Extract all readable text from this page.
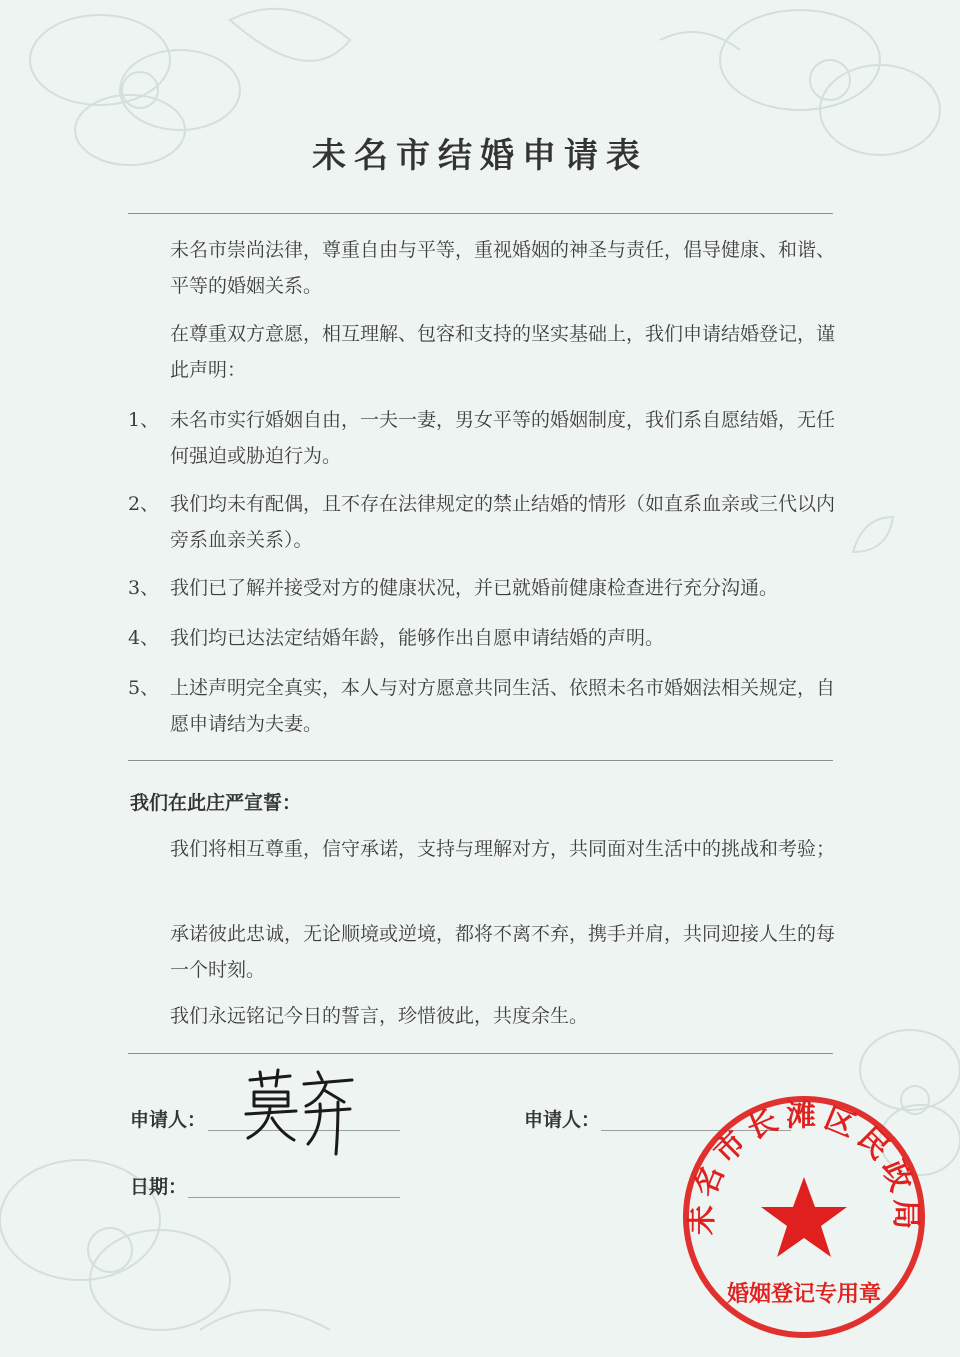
未名市结婚申请表
未名市崇尚法律，尊重自由与平等，重视婚姻的神圣与责任，倡导健康、和谐、平等的婚姻关系。
在尊重双方意愿，相互理解、包容和支持的坚实基础上，我们申请结婚登记，谨此声明：
1、 未名市实行婚姻自由，一夫一妻，男女平等的婚姻制度，我们系自愿结婚，无任何强迫或胁迫行为。
2、 我们均未有配偶，且不存在法律规定的禁止结婚的情形（如直系血亲或三代以内旁系血亲关系）。
3、 我们已了解并接受对方的健康状况，并已就婚前健康检查进行充分沟通。
4、 我们均已达法定结婚年龄，能够作出自愿申请结婚的声明。
5、 上述声明完全真实，本人与对方愿意共同生活、依照未名市婚姻法相关规定，自愿申请结为夫妻。
我们在此庄严宣誓：
我们将相互尊重，信守承诺，支持与理解对方，共同面对生活中的挑战和考验；
承诺彼此忠诚，无论顺境或逆境，都将不离不弃，携手并肩，共同迎接人生的每一个时刻。
我们永远铭记今日的誓言，珍惜彼此，共度余生。
申请人：	申请人：
日期：
未名市长滩区民政局
婚姻登记专用章
